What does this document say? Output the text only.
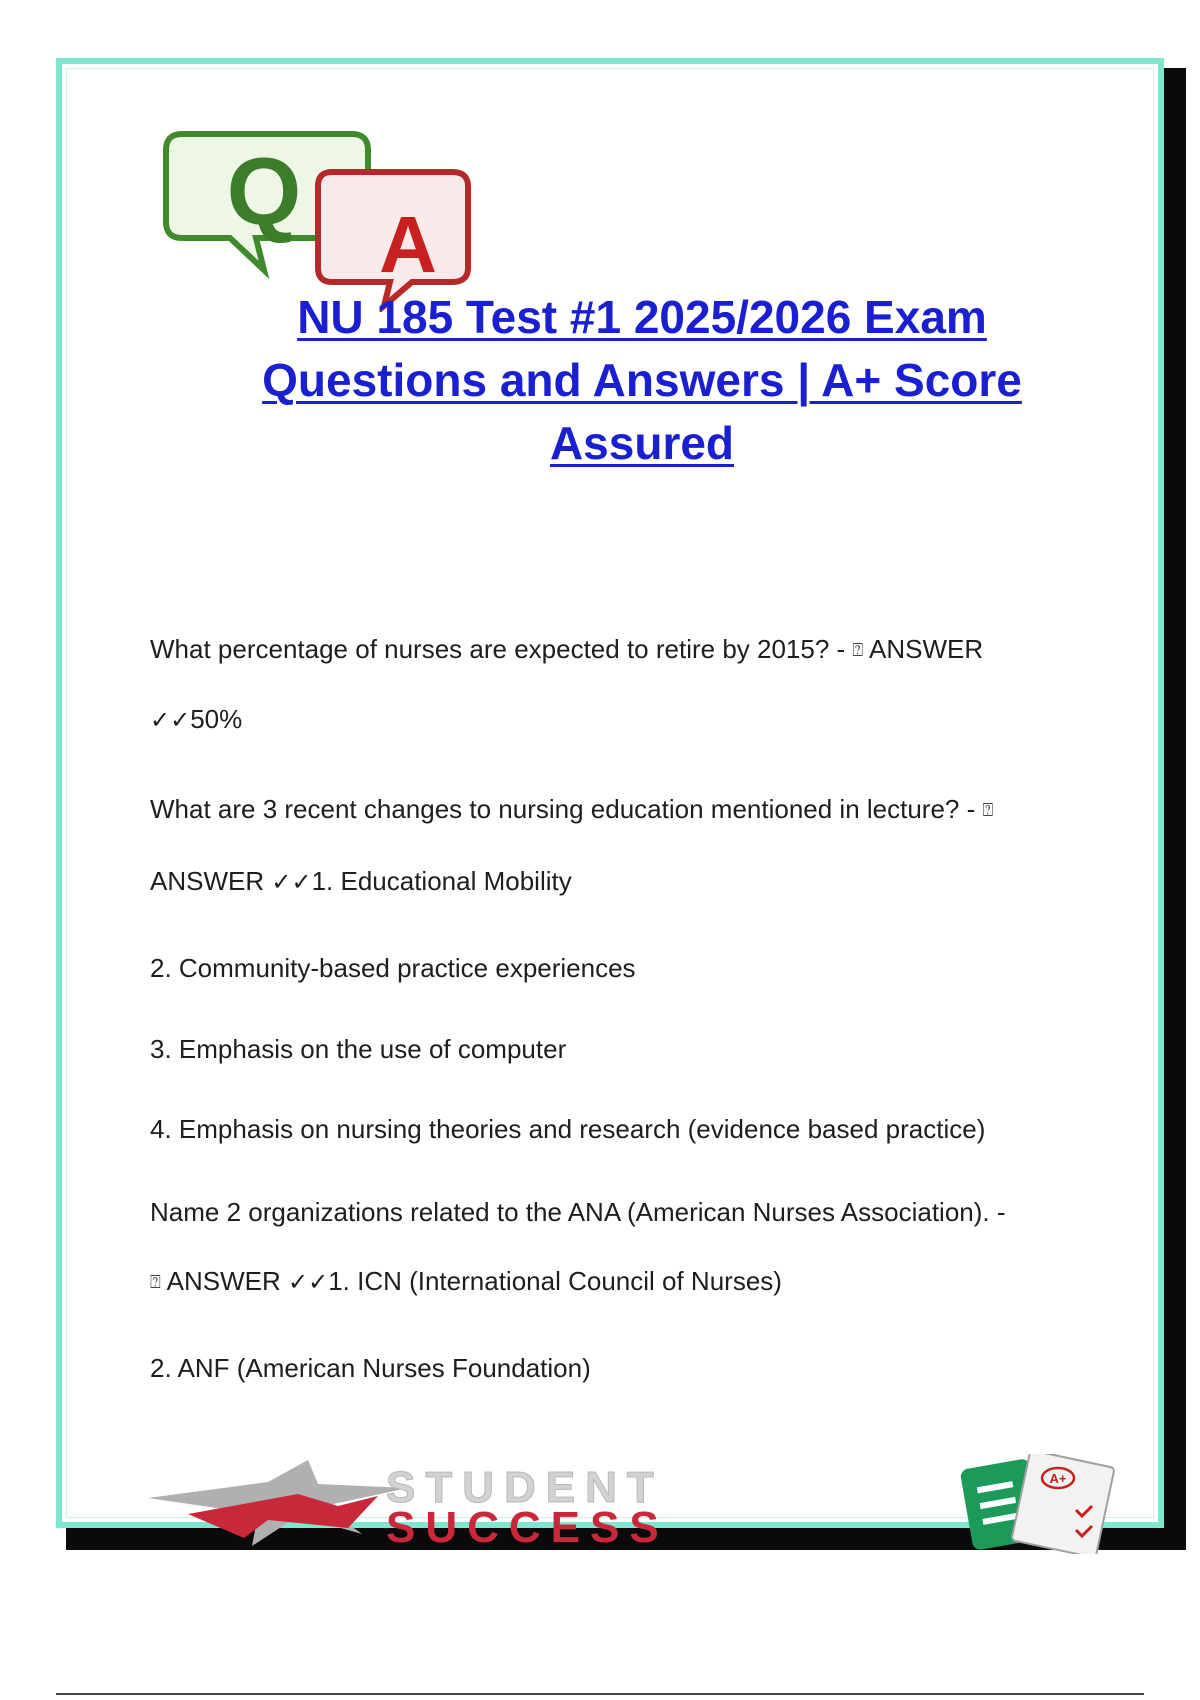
Q A
NU 185 Test #1 2025/2026 Exam
Questions and Answers | A+ Score
Assured
What percentage of nurses are expected to retire by 2015? - ⍰ ANSWER
✓✓50%
What are 3 recent changes to nursing education mentioned in lecture? - ⍰
ANSWER ✓✓1. Educational Mobility
2. Community-based practice experiences
3. Emphasis on the use of computer
4. Emphasis on nursing theories and research (evidence based practice)
Name 2 organizations related to the ANA (American Nurses Association). -
⍰ ANSWER ✓✓1. ICN (International Council of Nurses)
2. ANF (American Nurses Foundation)
STUDENT
SUCCESS
A+
